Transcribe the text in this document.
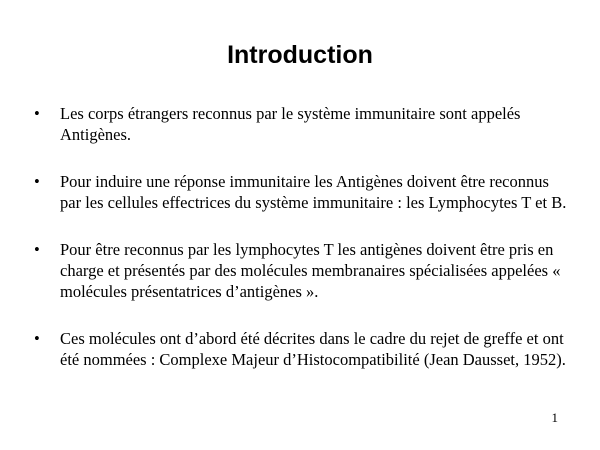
Introduction
• Les corps étrangers reconnus par le système immunitaire sont appelés Antigènes.
• Pour induire une réponse immunitaire les Antigènes doivent être reconnus par les cellules effectrices du système immunitaire : les Lymphocytes T et B.
• Pour être reconnus par les lymphocytes T les antigènes doivent être pris en charge et présentés par des molécules membranaires spécialisées appelées « molécules présentatrices d’antigènes ».
• Ces molécules ont d’abord été décrites dans le cadre du rejet de greffe et ont été nommées : Complexe Majeur d’Histocompatibilité (Jean Dausset, 1952).
1
